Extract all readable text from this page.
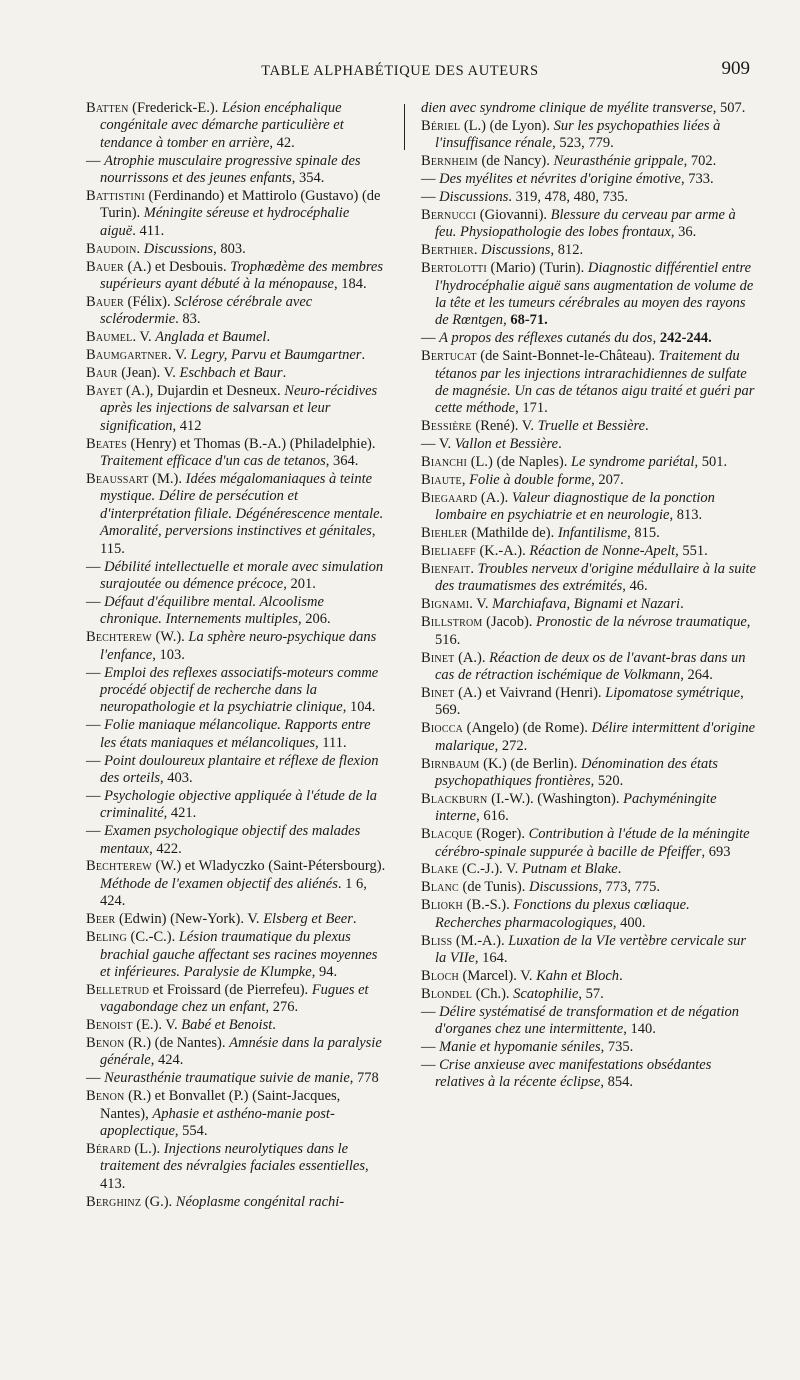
TABLE ALPHABÉTIQUE DES AUTEURS	909
Batten (Frederick-E.). Lésion encéphalique congénitale avec démarche particulière et tendance à tomber en arrière, 42.
— Atrophie musculaire progressive spinale des nourrissons et des jeunes enfants, 354.
Battistini (Ferdinando) et Mattirolo (Gustavo) (de Turin). Méningite séreuse et hydrocéphalie aiguë. 411.
Baudoin. Discussions, 803.
Bauer (A.) et Desbouis. Trophœdème des membres supérieurs ayant débuté à la ménopause, 184.
Bauer (Félix). Sclérose cérébrale avec sclérodermie. 83.
Baumel. V. Anglada et Baumel.
Baumgartner. V. Legry, Parvu et Baumgartner.
Baur (Jean). V. Eschbach et Baur.
Bayet (A.), Dujardin et Desneux. Neuro-récidives après les injections de salvarsan et leur signification, 412
Beates (Henry) et Thomas (B.-A.) (Philadelphie). Traitement efficace d'un cas de tetanos, 364.
Beaussart (M.). Idées mégalomaniaques à teinte mystique. Délire de persécution et d'interprétation filiale. Dégénérescence mentale. Amoralité, perversions instinctives et génitales, 115.
— Débilité intellectuelle et morale avec simulation surajoutée ou démence précoce, 201.
— Défaut d'équilibre mental. Alcoolisme chronique. Internements multiples, 206.
Bechterew (W.). La sphère neuro-psychique dans l'enfance, 103.
— Emploi des reflexes associatifs-moteurs comme procédé objectif de recherche dans la neuropathologie et la psychiatrie clinique, 104.
— Folie maniaque mélancolique. Rapports entre les états maniaques et mélancoliques, 111.
— Point douloureux plantaire et réflexe de flexion des orteils, 403.
— Psychologie objective appliquée à l'étude de la criminalité, 421.
— Examen psychologique objectif des malades mentaux, 422.
Bechterew (W.) et Wladyczko (Saint-Pétersbourg). Méthode de l'examen objectif des aliénés. 1 6, 424.
Beer (Edwin) (New-York). V. Elsberg et Beer.
Beling (C.-C.). Lésion traumatique du plexus brachial gauche affectant ses racines moyennes et inférieures. Paralysie de Klumpke, 94.
Belletrud et Froissard (de Pierrefeu). Fugues et vagabondage chez un enfant, 276.
Benoist (E.). V. Babé et Benoist.
Benon (R.) (de Nantes). Amnésie dans la paralysie générale, 424.
— Neurasthénie traumatique suivie de manie, 778
Benon (R.) et Bonvallet (P.) (Saint-Jacques, Nantes), Aphasie et asthéno-manie post-apoplectique, 554.
Bérard (L.). Injections neurolytiques dans le traitement des névralgies faciales essentielles, 413.
Berghinz (G.). Néoplasme congénital rachi-
dien avec syndrome clinique de myélite transverse, 507.
Bériel (L.) (de Lyon). Sur les psychopathies liées à l'insuffisance rénale, 523, 779.
Bernheim (de Nancy). Neurasthénie grippale, 702.
— Des myélites et névrites d'origine émotive, 733.
— Discussions. 319, 478, 480, 735.
Bernucci (Giovanni). Blessure du cerveau par arme à feu. Physiopathologie des lobes frontaux, 36.
Berthier. Discussions, 812.
Bertolotti (Mario) (Turin). Diagnostic différentiel entre l'hydrocéphalie aiguë sans augmentation de volume de la tête et les tumeurs cérébrales au moyen des rayons de Rœntgen, 68-71.
— A propos des réflexes cutanés du dos, 242-244.
Bertucat (de Saint-Bonnet-le-Château). Traitement du tétanos par les injections intrarachidiennes de sulfate de magnésie. Un cas de tétanos aigu traité et guéri par cette méthode, 171.
Bessière (René). V. Truelle et Bessière.
— V. Vallon et Bessière.
Bianchi (L.) (de Naples). Le syndrome pariétal, 501.
Biaute, Folie à double forme, 207.
Biegaard (A.). Valeur diagnostique de la ponction lombaire en psychiatrie et en neurologie, 813.
Biehler (Mathilde de). Infantilisme, 815.
Bieliaeff (K.-A.). Réaction de Nonne-Apelt, 551.
Bienfait. Troubles nerveux d'origine médullaire à la suite des traumatismes des extrémités, 46.
Bignami. V. Marchiafava, Bignami et Nazari.
Billstrom (Jacob). Pronostic de la névrose traumatique, 516.
Binet (A.). Réaction de deux os de l'avant-bras dans un cas de rétraction ischémique de Volkmann, 264.
Binet (A.) et Vaivrand (Henri). Lipomatose symétrique, 569.
Biocca (Angelo) (de Rome). Délire intermittent d'origine malarique, 272.
Birnbaum (K.) (de Berlin). Dénomination des états psychopathiques frontières, 520.
Blackburn (I.-W.). (Washington). Pachyméningite interne, 616.
Blacque (Roger). Contribution à l'étude de la méningite cérébro-spinale suppurée à bacille de Pfeiffer, 693
Blake (C.-J.). V. Putnam et Blake.
Blanc (de Tunis). Discussions, 773, 775.
Bliokh (B.-S.). Fonctions du plexus cœliaque. Recherches pharmacologiques, 400.
Bliss (M.-A.). Luxation de la VIe vertèbre cervicale sur la VIIe, 164.
Bloch (Marcel). V. Kahn et Bloch.
Blondel (Ch.). Scatophilie, 57.
— Délire systématisé de transformation et de négation d'organes chez une intermittente, 140.
— Manie et hypomanie séniles, 735.
— Crise anxieuse avec manifestations obsédantes relatives à la récente éclipse, 854.
